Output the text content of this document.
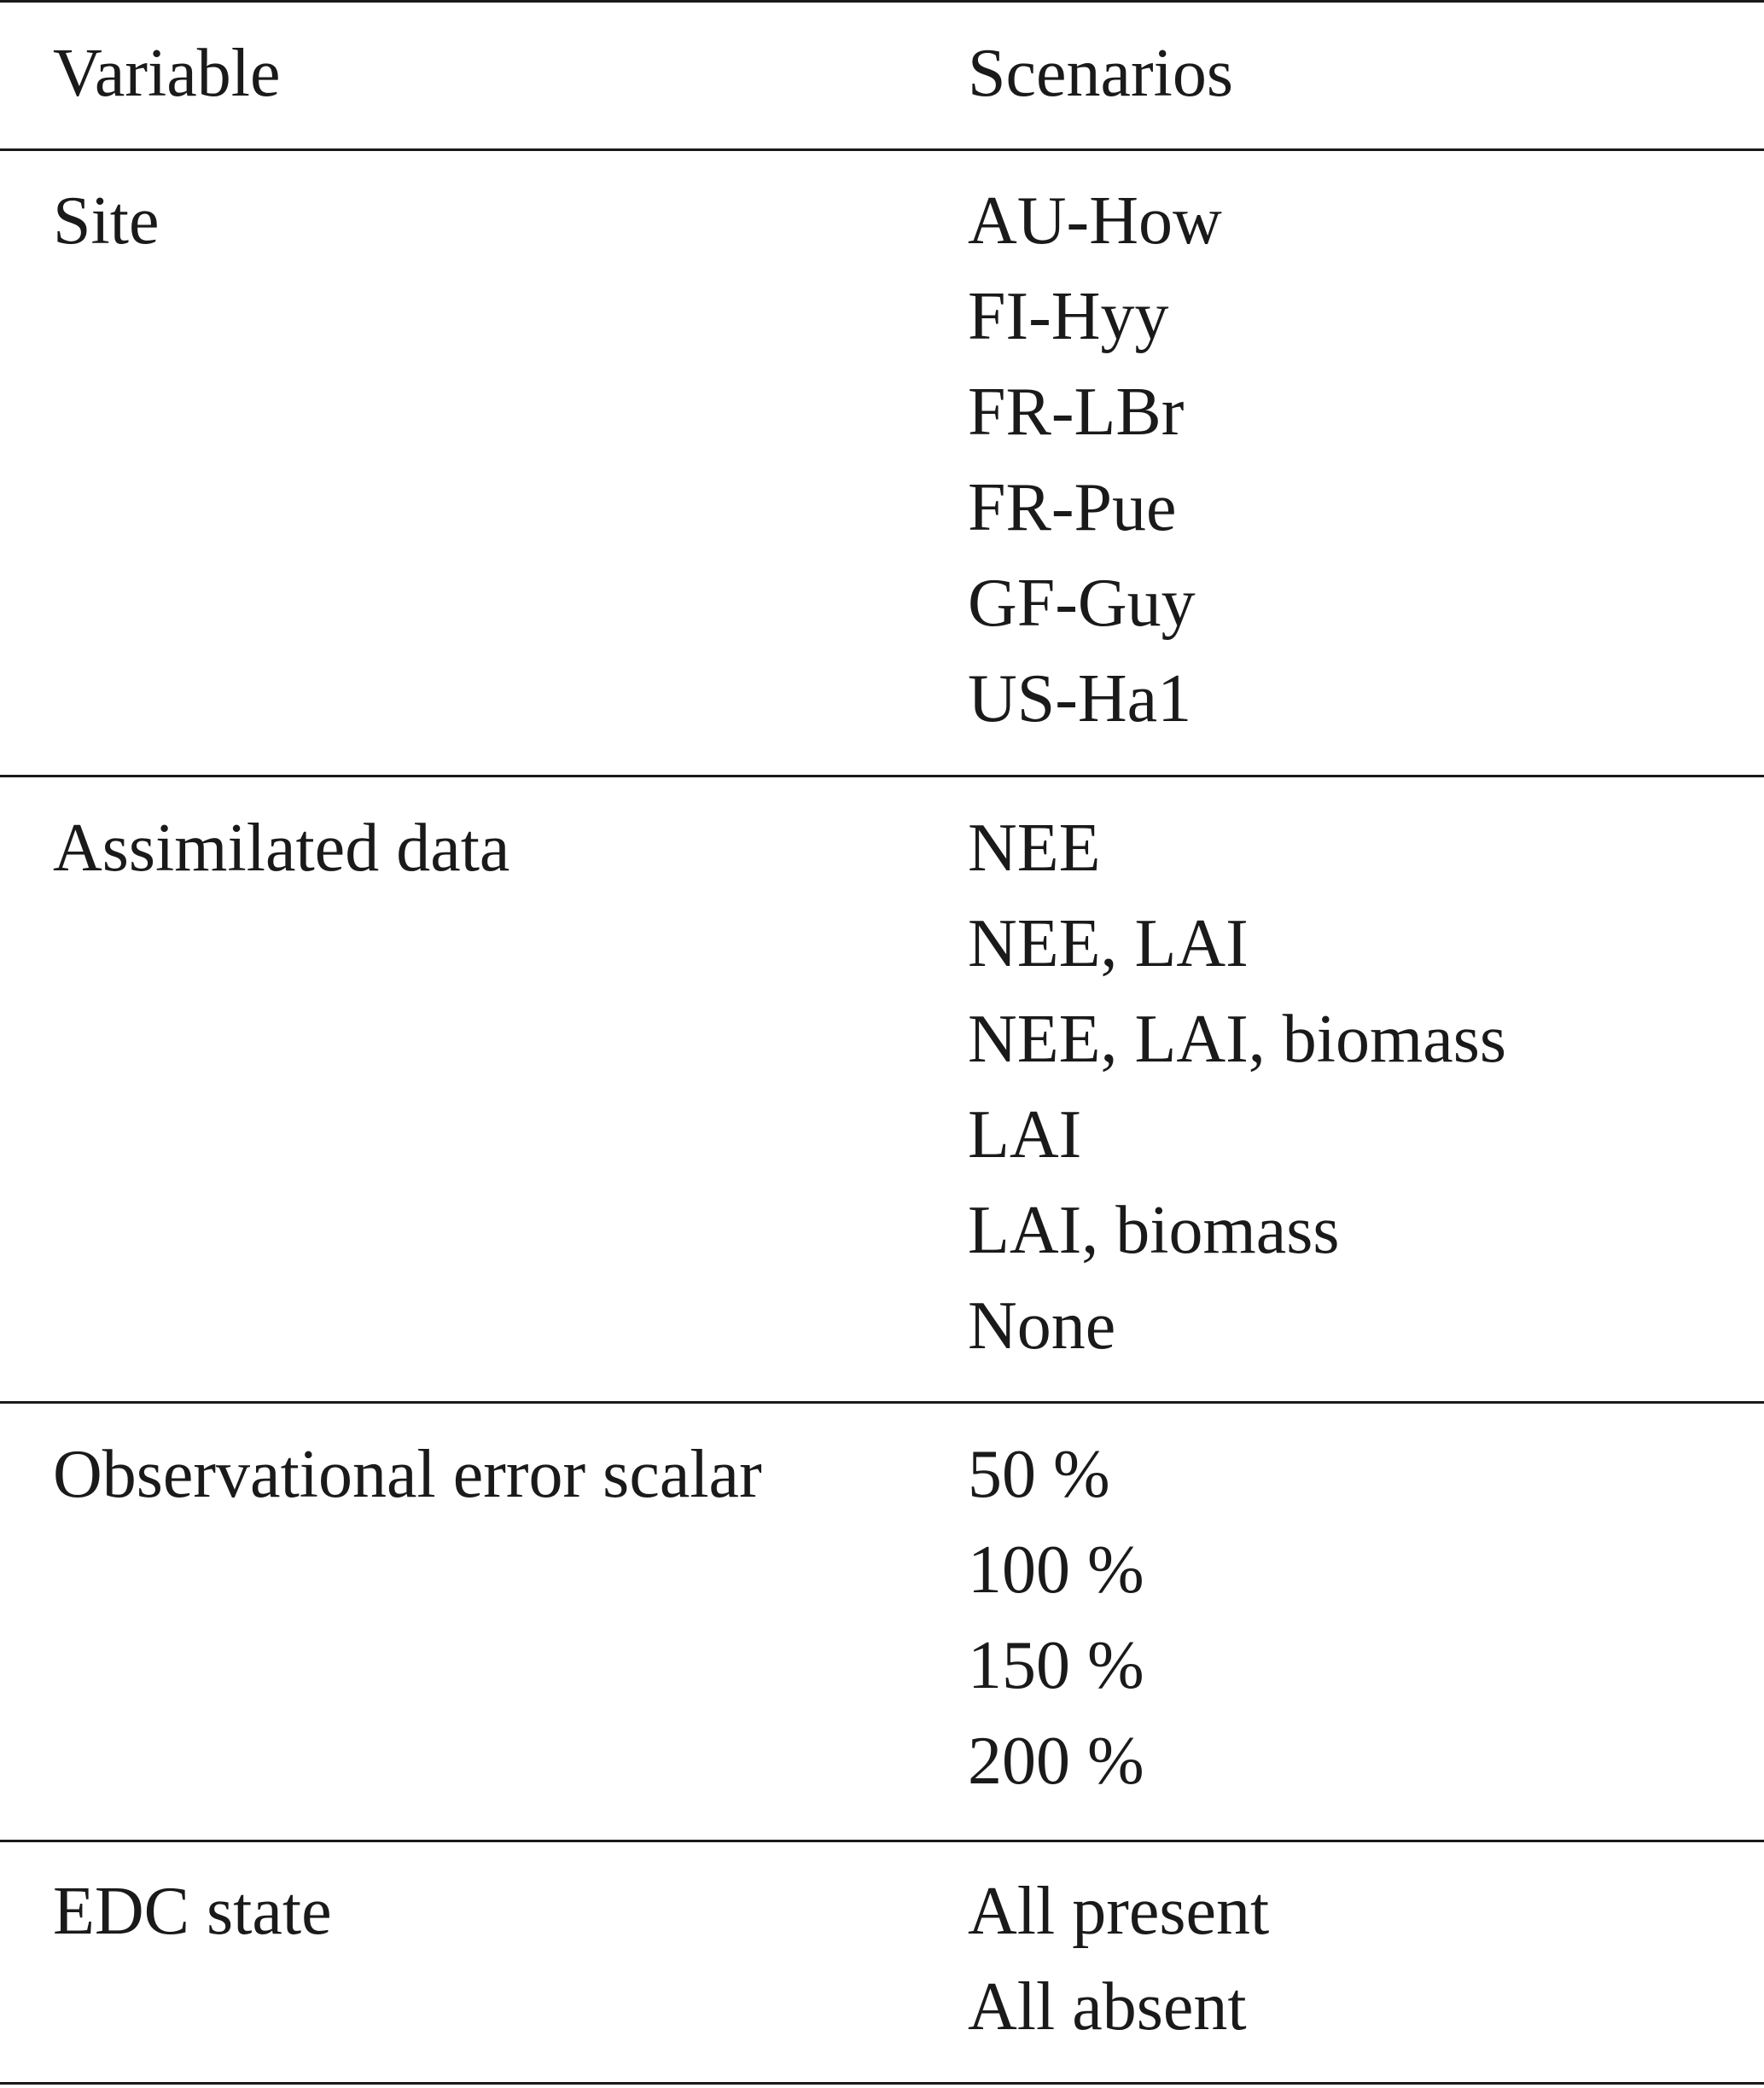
Variable	Scenarios
Site	AU-How
FI-Hyy
FR-LBr
FR-Pue
GF-Guy
US-Ha1
Assimilated data	NEE
NEE, LAI
NEE, LAI, biomass
LAI
LAI, biomass
None
Observational error scalar	50 %
100 %
150 %
200 %
EDC state	All present
All absent
